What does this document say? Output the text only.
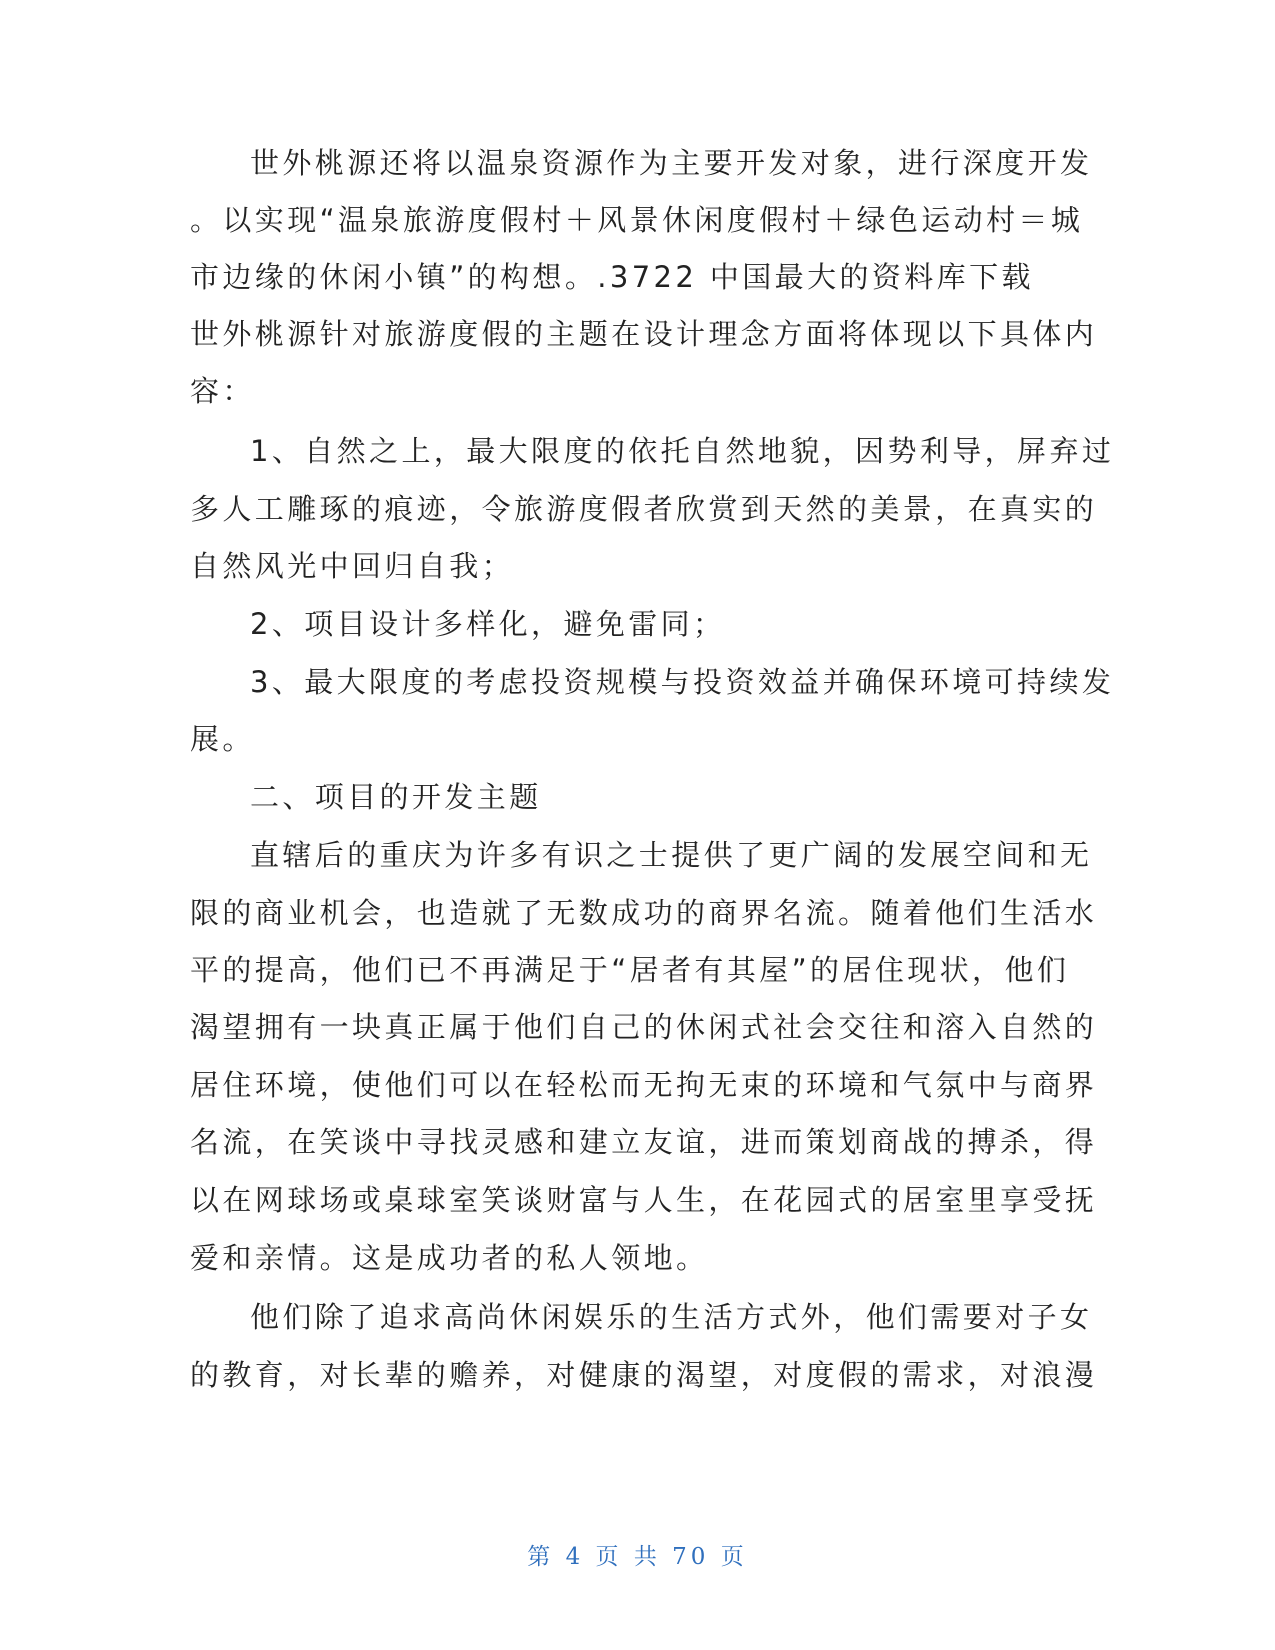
世外桃源还将以温泉资源作为主要开发对象，进行深度开发
。以实现“温泉旅游度假村＋风景休闲度假村＋绿色运动村＝城
市边缘的休闲小镇”的构想。.3722 中国最大的资料库下载
世外桃源针对旅游度假的主题在设计理念方面将体现以下具体内
容：
1、自然之上，最大限度的依托自然地貌，因势利导，屏弃过
多人工雕琢的痕迹，令旅游度假者欣赏到天然的美景，在真实的
自然风光中回归自我；
2、项目设计多样化，避免雷同；
3、最大限度的考虑投资规模与投资效益并确保环境可持续发
展。
二、项目的开发主题
直辖后的重庆为许多有识之士提供了更广阔的发展空间和无
限的商业机会，也造就了无数成功的商界名流。随着他们生活水
平的提高，他们已不再满足于“居者有其屋”的居住现状，他们
渴望拥有一块真正属于他们自己的休闲式社会交往和溶入自然的
居住环境，使他们可以在轻松而无拘无束的环境和气氛中与商界
名流，在笑谈中寻找灵感和建立友谊，进而策划商战的搏杀，得
以在网球场或桌球室笑谈财富与人生，在花园式的居室里享受抚
爱和亲情。这是成功者的私人领地。
他们除了追求高尚休闲娱乐的生活方式外，他们需要对子女
的教育，对长辈的赡养，对健康的渴望，对度假的需求，对浪漫
第 4 页 共 70 页
